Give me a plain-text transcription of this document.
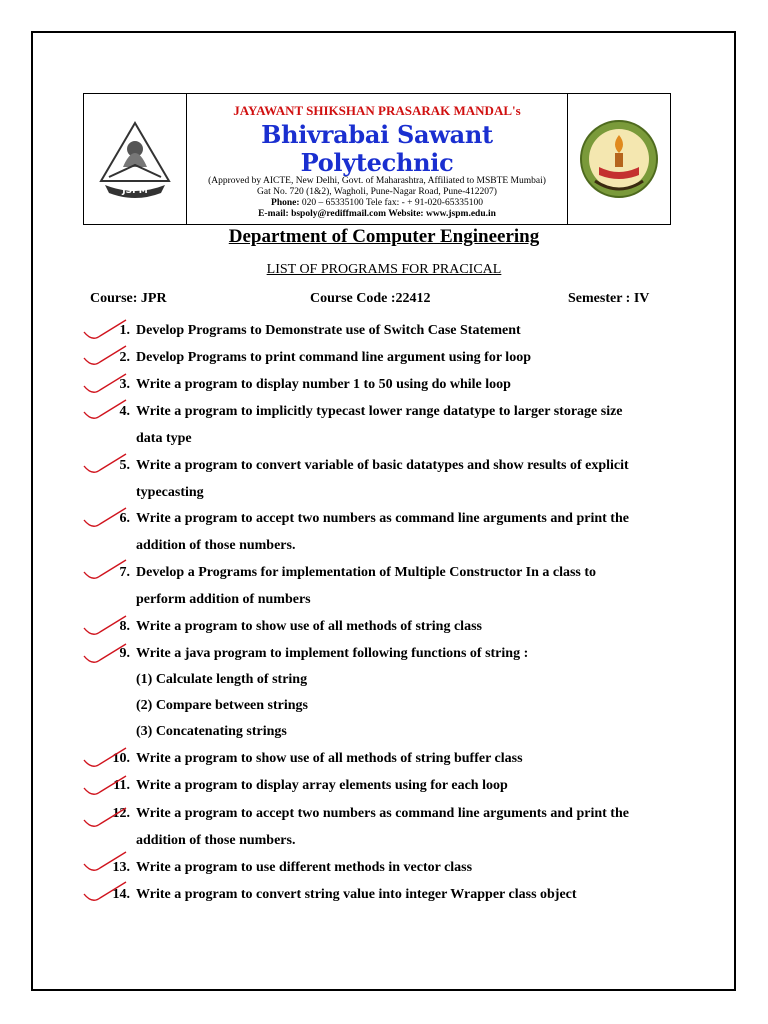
JSPM
JAYAWANT SHIKSHAN PRASARAK MANDAL's
Bhivrabai Sawant Polytechnic
(Approved by AICTE, New Delhi, Govt. of Maharashtra, Affiliated to MSBTE Mumbai)
Gat No. 720 (1&2), Wagholi, Pune-Nagar Road, Pune-412207)
Phone: 020 – 65335100 Tele fax: - + 91-020-65335100
E-mail: bspoly@rediffmail.com Website: www.jspm.edu.in
Department of Computer Engineering
LIST OF PROGRAMS FOR PRACICAL
Course: JPR	Course Code :22412	Semester : IV
1. Develop Programs to Demonstrate use of Switch Case Statement
2. Develop Programs to print command line argument using for loop
3. Write a program to display number 1 to 50 using do while loop
4. Write a program to implicitly typecast lower range datatype to larger storage size
data type
5. Write a program to convert variable of basic datatypes and show results of explicit
typecasting
6. Write a program to accept two numbers as command line arguments and print the
addition of those numbers.
7. Develop a Programs for implementation of Multiple Constructor In a class to
perform addition of numbers
8. Write a program to show use of all methods of string class
9. Write a java program to implement following functions of string :
(1) Calculate length of string
(2) Compare between strings
(3) Concatenating strings
10. Write a program to show use of all methods of string buffer class
11. Write a program to display array elements using for each loop
12. Write a program to accept two numbers as command line arguments and print the
addition of those numbers.
13. Write a program to use different methods in vector class
14. Write a program to convert string value into integer Wrapper class object
